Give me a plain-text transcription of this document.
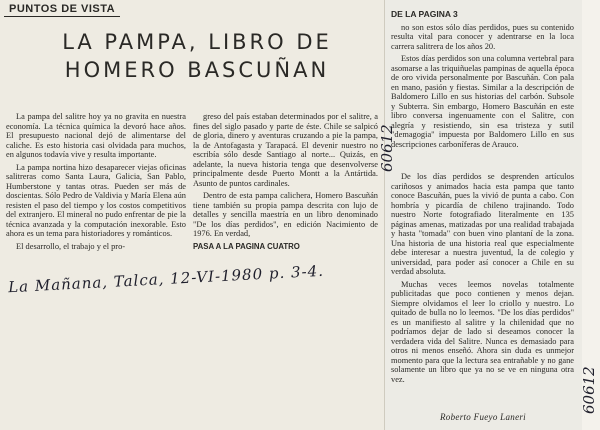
PUNTOS DE VISTA
LA PAMPA, LIBRO DE
HOMERO BASCUÑAN

La pampa del salitre hoy ya no gravita en nuestra economía. La técnica química la devoró hace años. El presupuesto nacional dejó de alimentarse del caliche. Es esto historia casi olvidada para muchos, en algunos todavía vive y resulta importante.

La pampa nortina hizo desaparecer viejas oficinas salitreras como Santa Laura, Galicia, San Pablo, Humberstone y tantas otras. Pueden ser más de doscientas. Sólo Pedro de Valdivia y María Elena aún resisten el paso del tiempo y los costos competitivos del extranjero. El mineral no pudo enfrentar de pie la técnica avanzada y la computación inexorable. Esto ahora es un tema para historiadores y románticos.

El desarrollo, el trabajo y el pro-

greso del país estaban determinados por el salitre, a fines del siglo pasado y parte de éste. Chile se salpicó de gloria, dinero y aventuras cruzando a pie la pampa, la de Antofagasta y Tarapacá. El devenir nuestro no escribía sólo desde Santiago al norte... Quizás, en adelante, la nueva historia tenga que desenvolverse principalmente desde Puerto Montt a la Antártida. Asunto de puntos cardinales.

Dentro de esta pampa calichera, Homero Bascuñán tiene también su propia pampa descrita con lujo de detalles y sencilla maestría en un libro denominado "De los días perdidos", en edición Nacimiento de 1976. En verdad,

PASA A LA PAGINA CUATRO

DE LA PAGINA 3

no son estos sólo días perdidos, pues su contenido resulta vital para conocer y adentrarse en la loca carrera salitrera de los años 20.

Estos días perdidos son una columna vertebral para asomarse a las triquiñuelas pampinas de aquella época de oro vivida personalmente por Bascuñán. Con pala en mano, pasión y fiestas. Similar a la descripción de Baldomero Lillo en sus historias del carbón. Subsole y Subterra. Sin embargo, Homero Bascuñán en este libro conversa ingenuamente con el Salitre, con alegría y resistiendo, sin esa tristeza y sutil "demagogia" impuesta por Baldomero Lillo en sus descripciones carboníferas de Arauco.

De los días perdidos se desprenden artículos cariñosos y animados hacia esta pampa que tanto conoce Bascuñán, pues la vivió de punta a cabo. Con hombría y picardía de chileno trajinando. Todo nuestro Norte fotografiado literalmente en 135 páginas amenas, matizadas por una realidad trabajada y hasta "tomada" con buen vino plantaní de la zona. Una historia de una historia real que especialmente debe interesar a nuestra juventud, la de colegio y universidad, para poder así conocer a Chile en su verdad absoluta.

Muchas veces leemos novelas totalmente publicitadas que poco contienen y menos dejan. Siempre olvidamos el leer lo criollo y nuestro. Lo quitado de bulla no lo leemos. "De los días perdidos" es un manifiesto al salitre y la chilenidad que no podríamos dejar de lado si deseamos conocer la verdadera vida del Salitre. Nunca es demasiado para otros ni menos enseñó. Ahora sin duda es unmejor momento para que la lectura sea entrañable y no gane solamente un libro que ya no se ve en ninguna otra vez.

Roberto Fueyo Laneri
La Mañana, Talca, 12-VI-1980 p. 3-4.
60612
60612
